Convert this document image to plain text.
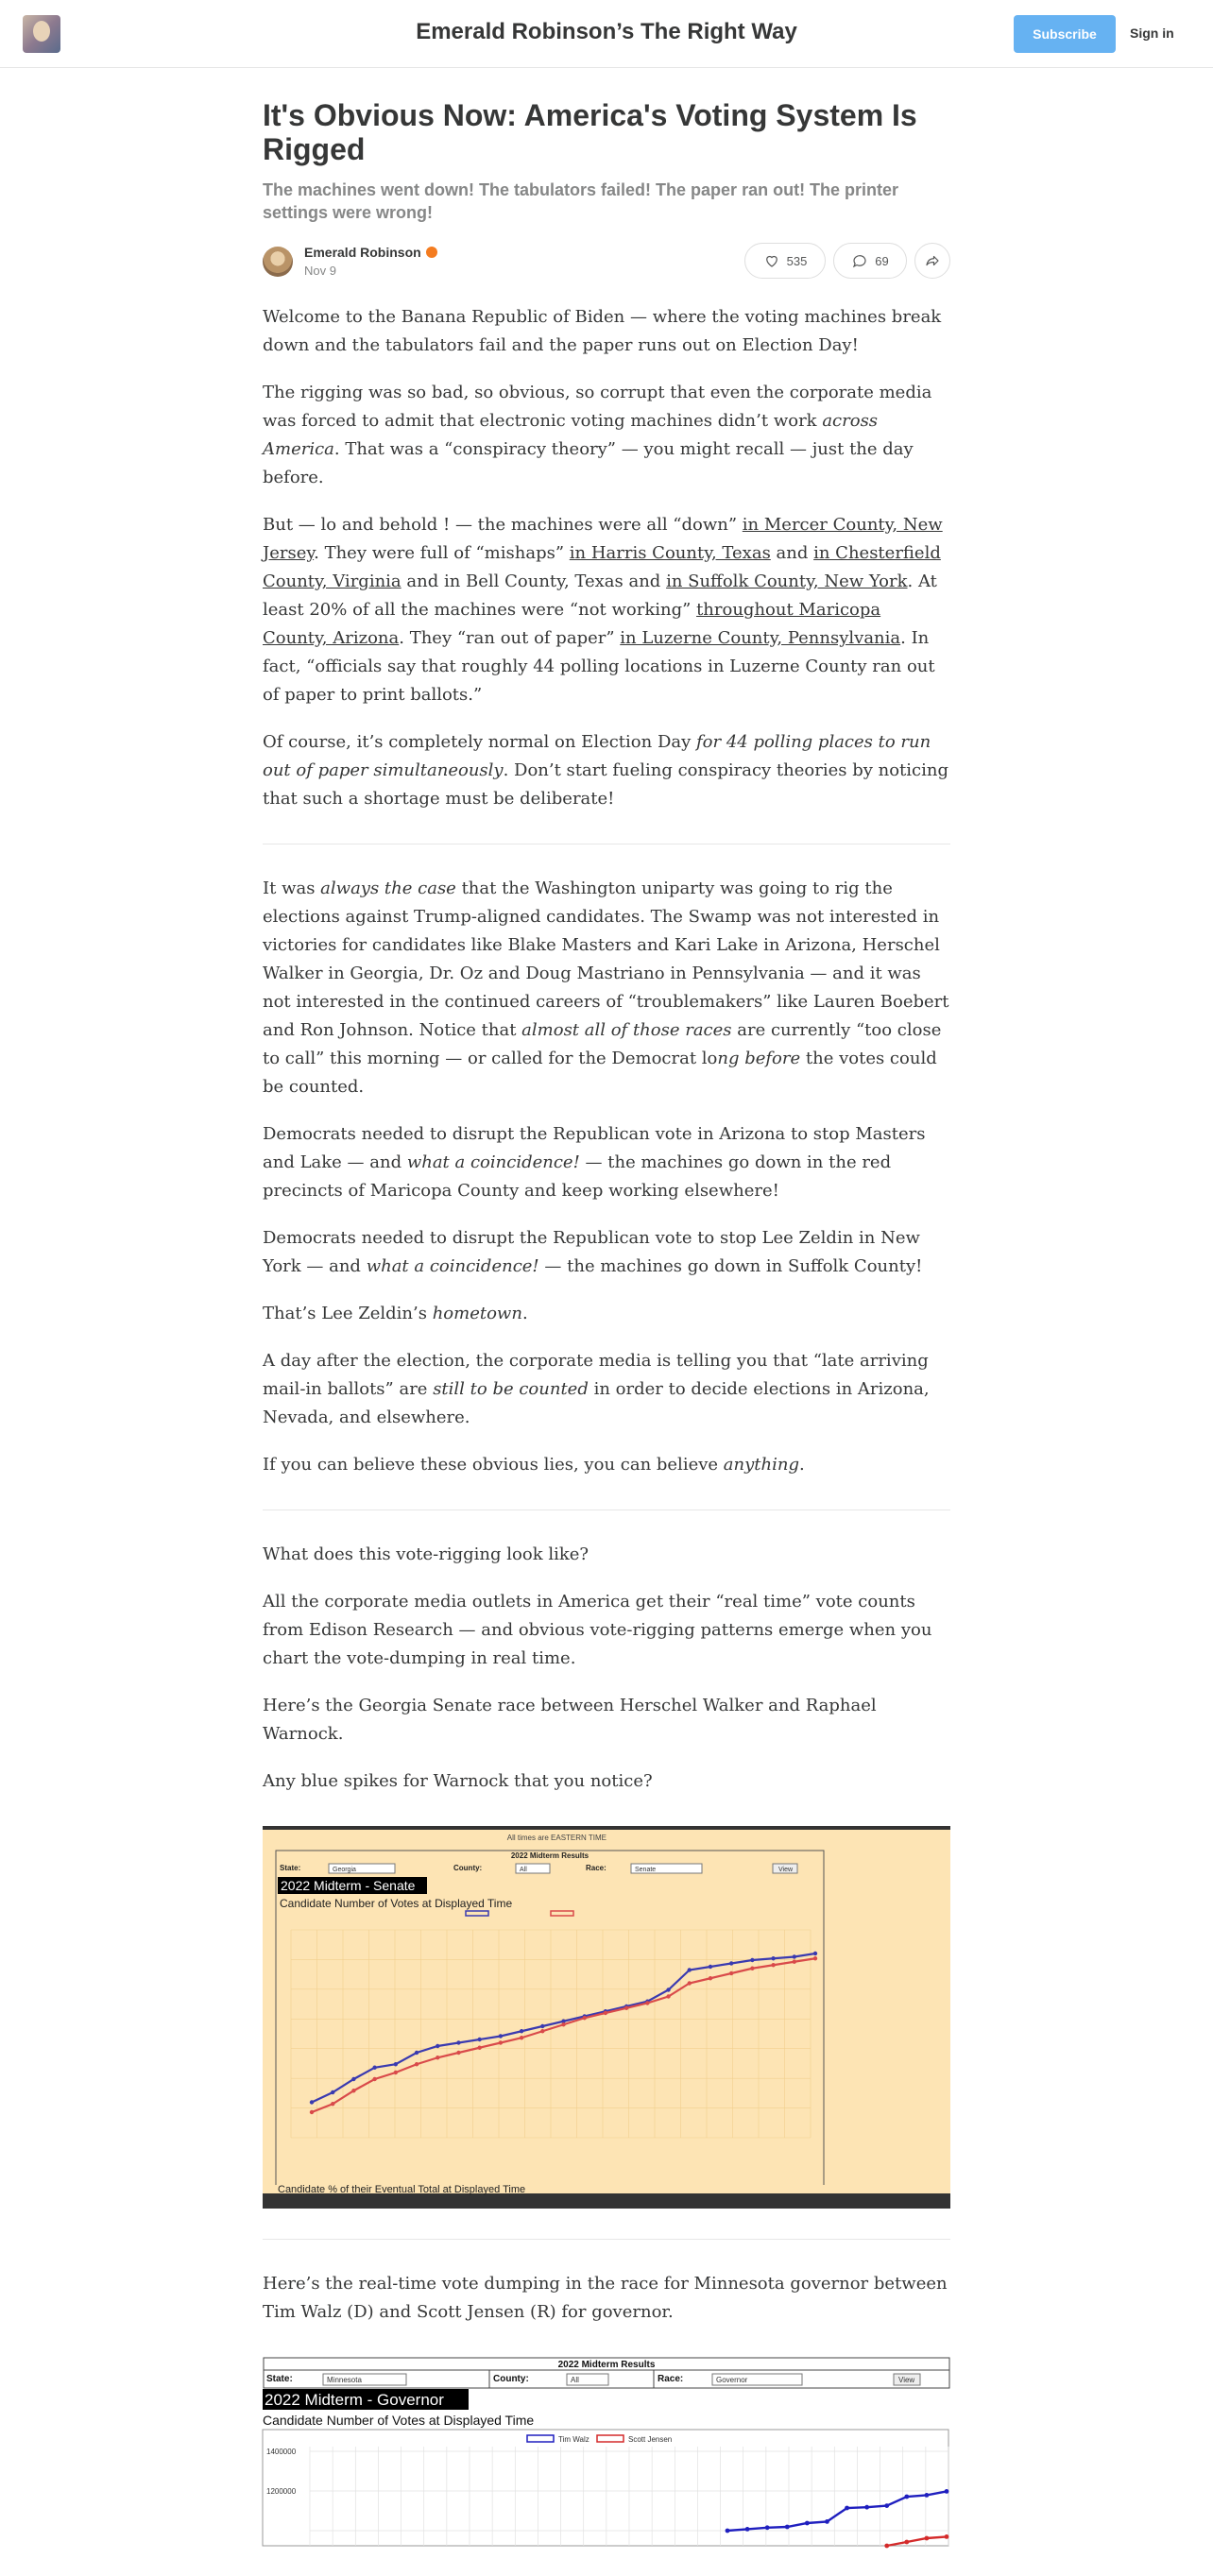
Emerald Robinson’s The Right Way	Subscribe	Sign in
It's Obvious Now: America's Voting System Is Rigged
The machines went down! The tabulators failed! The paper ran out! The printer settings were wrong!
Emerald Robinson
Nov 9
535	69

Welcome to the Banana Republic of Biden — where the voting machines break down and the tabulators fail and the paper runs out on Election Day!

The rigging was so bad, so obvious, so corrupt that even the corporate media was forced to admit that electronic voting machines didn’t work across America. That was a “conspiracy theory” — you might recall — just the day before.

But — lo and behold ! — the machines were all “down” in Mercer County, New Jersey. They were full of “mishaps” in Harris County, Texas and in Chesterfield County, Virginia and in Bell County, Texas and in Suffolk County, New York. At least 20% of all the machines were “not working” throughout Maricopa County, Arizona. They “ran out of paper” in Luzerne County, Pennsylvania. In fact, “officials say that roughly 44 polling locations in Luzerne County ran out of paper to print ballots.”

Of course, it’s completely normal on Election Day for 44 polling places to run out of paper simultaneously. Don’t start fueling conspiracy theories by noticing that such a shortage must be deliberate!

It was always the case that the Washington uniparty was going to rig the elections against Trump-aligned candidates. The Swamp was not interested in victories for candidates like Blake Masters and Kari Lake in Arizona, Herschel Walker in Georgia, Dr. Oz and Doug Mastriano in Pennsylvania — and it was not interested in the continued careers of “troublemakers” like Lauren Boebert and Ron Johnson. Notice that almost all of those races are currently “too close to call” this morning — or called for the Democrat long before the votes could be counted.

Democrats needed to disrupt the Republican vote in Arizona to stop Masters and Lake — and what a coincidence! — the machines go down in the red precincts of Maricopa County and keep working elsewhere!

Democrats needed to disrupt the Republican vote to stop Lee Zeldin in New York — and what a coincidence! — the machines go down in Suffolk County!

That’s Lee Zeldin’s hometown.

A day after the election, the corporate media is telling you that “late arriving mail-in ballots” are still to be counted in order to decide elections in Arizona, Nevada, and elsewhere.

If you can believe these obvious lies, you can believe anything.

What does this vote-rigging look like?

All the corporate media outlets in America get their “real time” vote counts from Edison Research — and obvious vote-rigging patterns emerge when you chart the vote-dumping in real time.

Here’s the Georgia Senate race between Herschel Walker and Raphael Warnock.

Any blue spikes for Warnock that you notice?

All times are EASTERN TIME
2022 Midterm Results
State:	Georgia	County:	All	Race:	Senate	View
2022 Midterm - Senate
Candidate Number of Votes at Displayed Time
Candidate % of their Eventual Total at Displayed Time

Here’s the real-time vote dumping in the race for Minnesota governor between Tim Walz (D) and Scott Jensen (R) for governor.

2022 Midterm Results
State:	Minnesota	County:	All	Race:	Governor	View
2022 Midterm - Governor
Candidate Number of Votes at Displayed Time
Tim Walz	Scott Jensen
1400000
1200000
